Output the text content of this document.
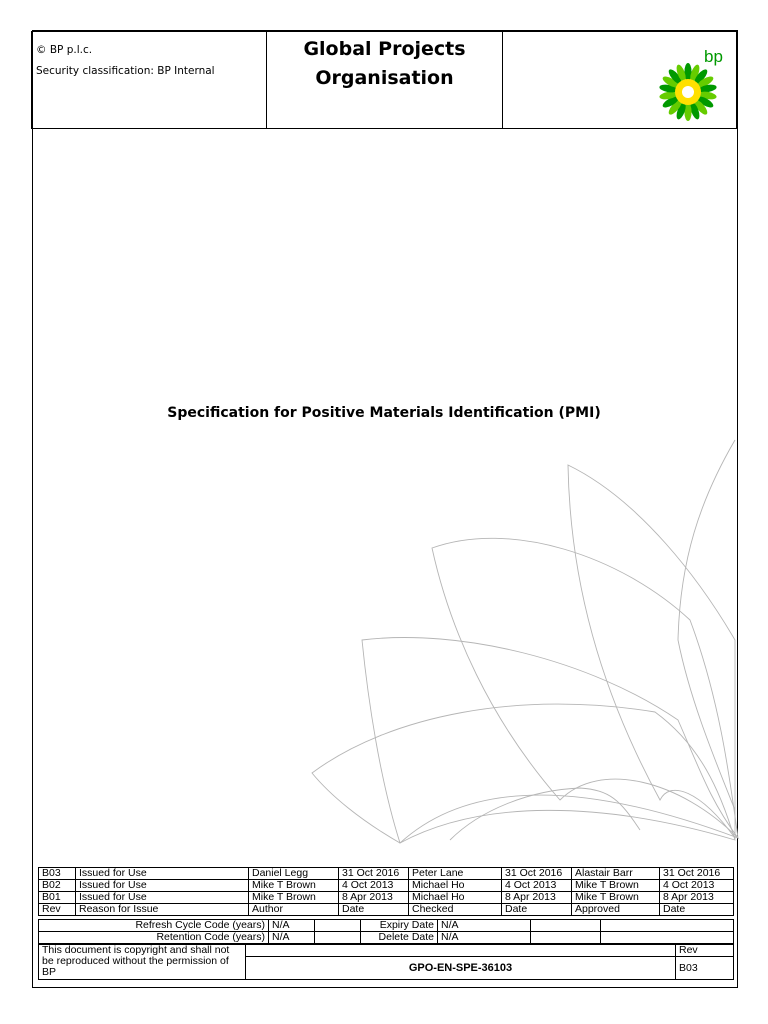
© BP p.l.c.
Security classification: BP Internal
Global Projects
Organisation
bp
Specification for Positive Materials Identification (PMI)
B03	Issued for Use	Daniel Legg	31 Oct 2016	Peter Lane	31 Oct 2016	Alastair Barr	31 Oct 2016
B02	Issued for Use	Mike T Brown	4 Oct 2013	Michael Ho	4 Oct 2013	Mike T Brown	4 Oct 2013
B01	Issued for Use	Mike T Brown	8 Apr 2013	Michael Ho	8 Apr 2013	Mike T Brown	8 Apr 2013
Rev	Reason for Issue	Author	Date	Checked	Date	Approved	Date
Refresh Cycle Code (years)	N/A		Expiry Date	N/A		
Retention Code (years)	N/A		Delete Date	N/A		
This document is copyright and shall not be reproduced without the permission of BP		Rev
	GPO-EN-SPE-36103	B03
